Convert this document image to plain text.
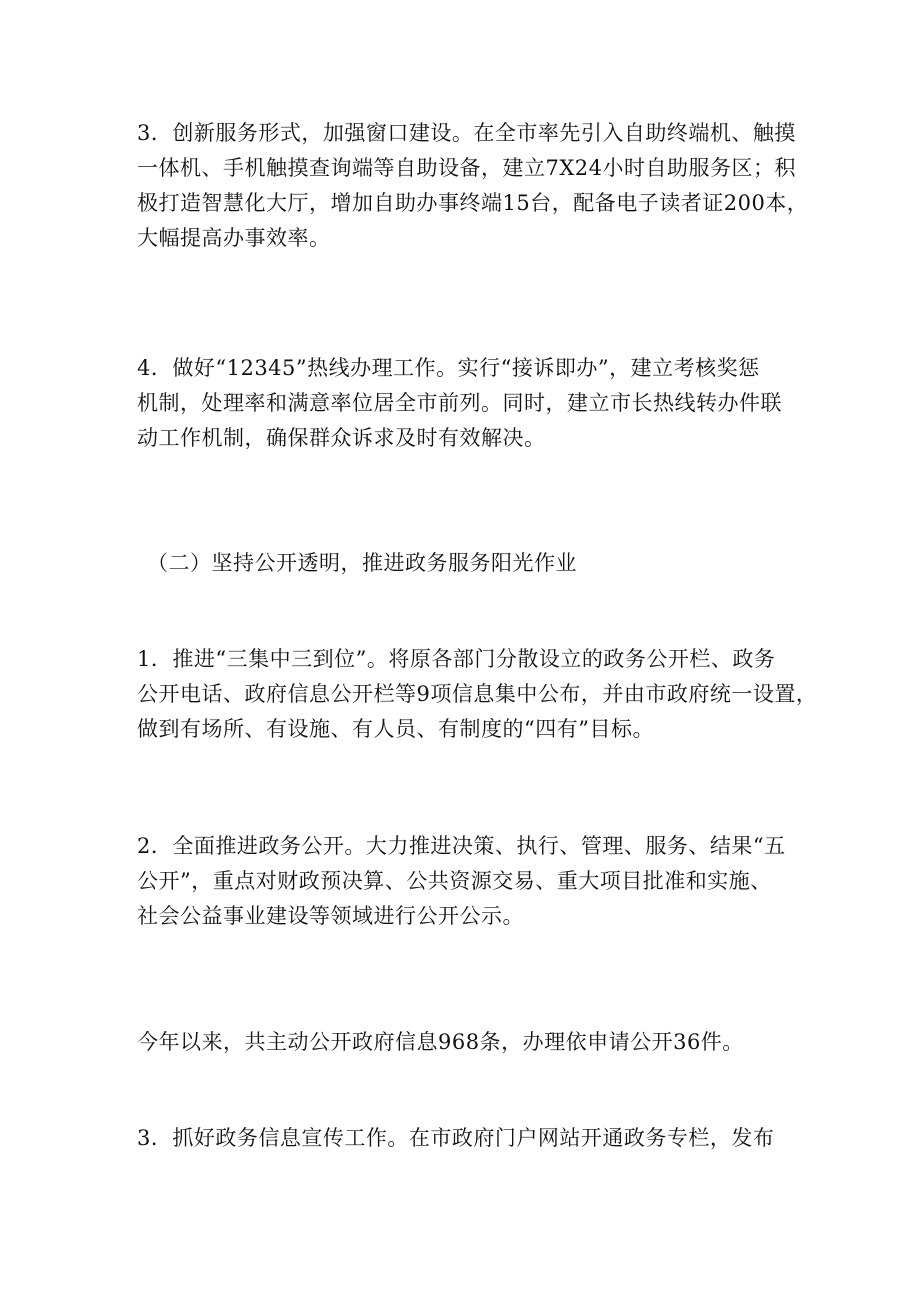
3．创新服务形式，加强窗口建设。在全市率先引入自助终端机、触摸
一体机、手机触摸查询端等自助设备，建立7X24小时自助服务区；积
极打造智慧化大厅，增加自助办事终端15台，配备电子读者证200本，
大幅提高办事效率。

4．做好“12345”热线办理工作。实行“接诉即办”，建立考核奖惩
机制，处理率和满意率位居全市前列。同时，建立市长热线转办件联
动工作机制，确保群众诉求及时有效解决。

（二）坚持公开透明，推进政务服务阳光作业

1．推进“三集中三到位”。将原各部门分散设立的政务公开栏、政务
公开电话、政府信息公开栏等9项信息集中公布，并由市政府统一设置，
做到有场所、有设施、有人员、有制度的“四有”目标。

2．全面推进政务公开。大力推进决策、执行、管理、服务、结果“五
公开”，重点对财政预决算、公共资源交易、重大项目批准和实施、
社会公益事业建设等领域进行公开公示。

今年以来，共主动公开政府信息968条，办理依申请公开36件。

3．抓好政务信息宣传工作。在市政府门户网站开通政务专栏，发布
